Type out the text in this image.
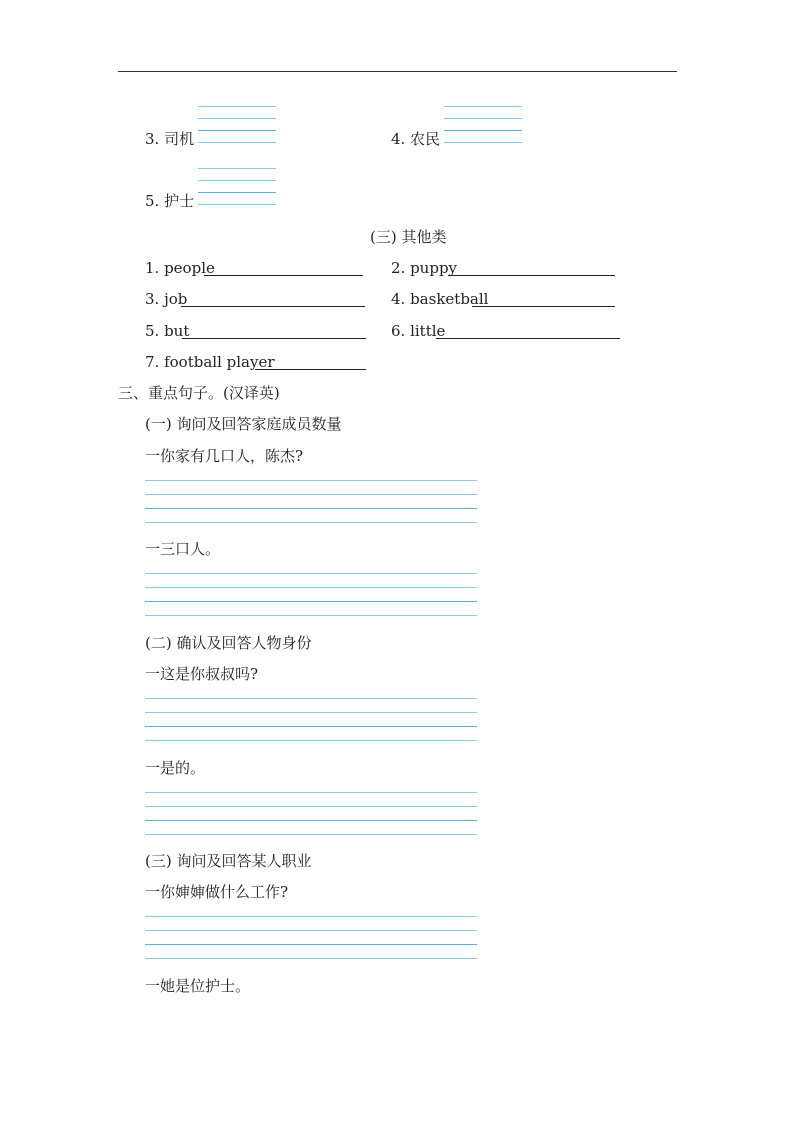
3. 司机	4. 农民
5. 护士
(三) 其他类
1. people	2. puppy
3. job	4. basketball
5. but	6. little
7. football player
三、重点句子。(汉译英)
(一) 询问及回答家庭成员数量
一你家有几口人，陈杰?
一三口人。
(二) 确认及回答人物身份
一这是你叔叔吗?
一是的。
(三) 询问及回答某人职业
一你婶婶做什么工作?
一她是位护士。
